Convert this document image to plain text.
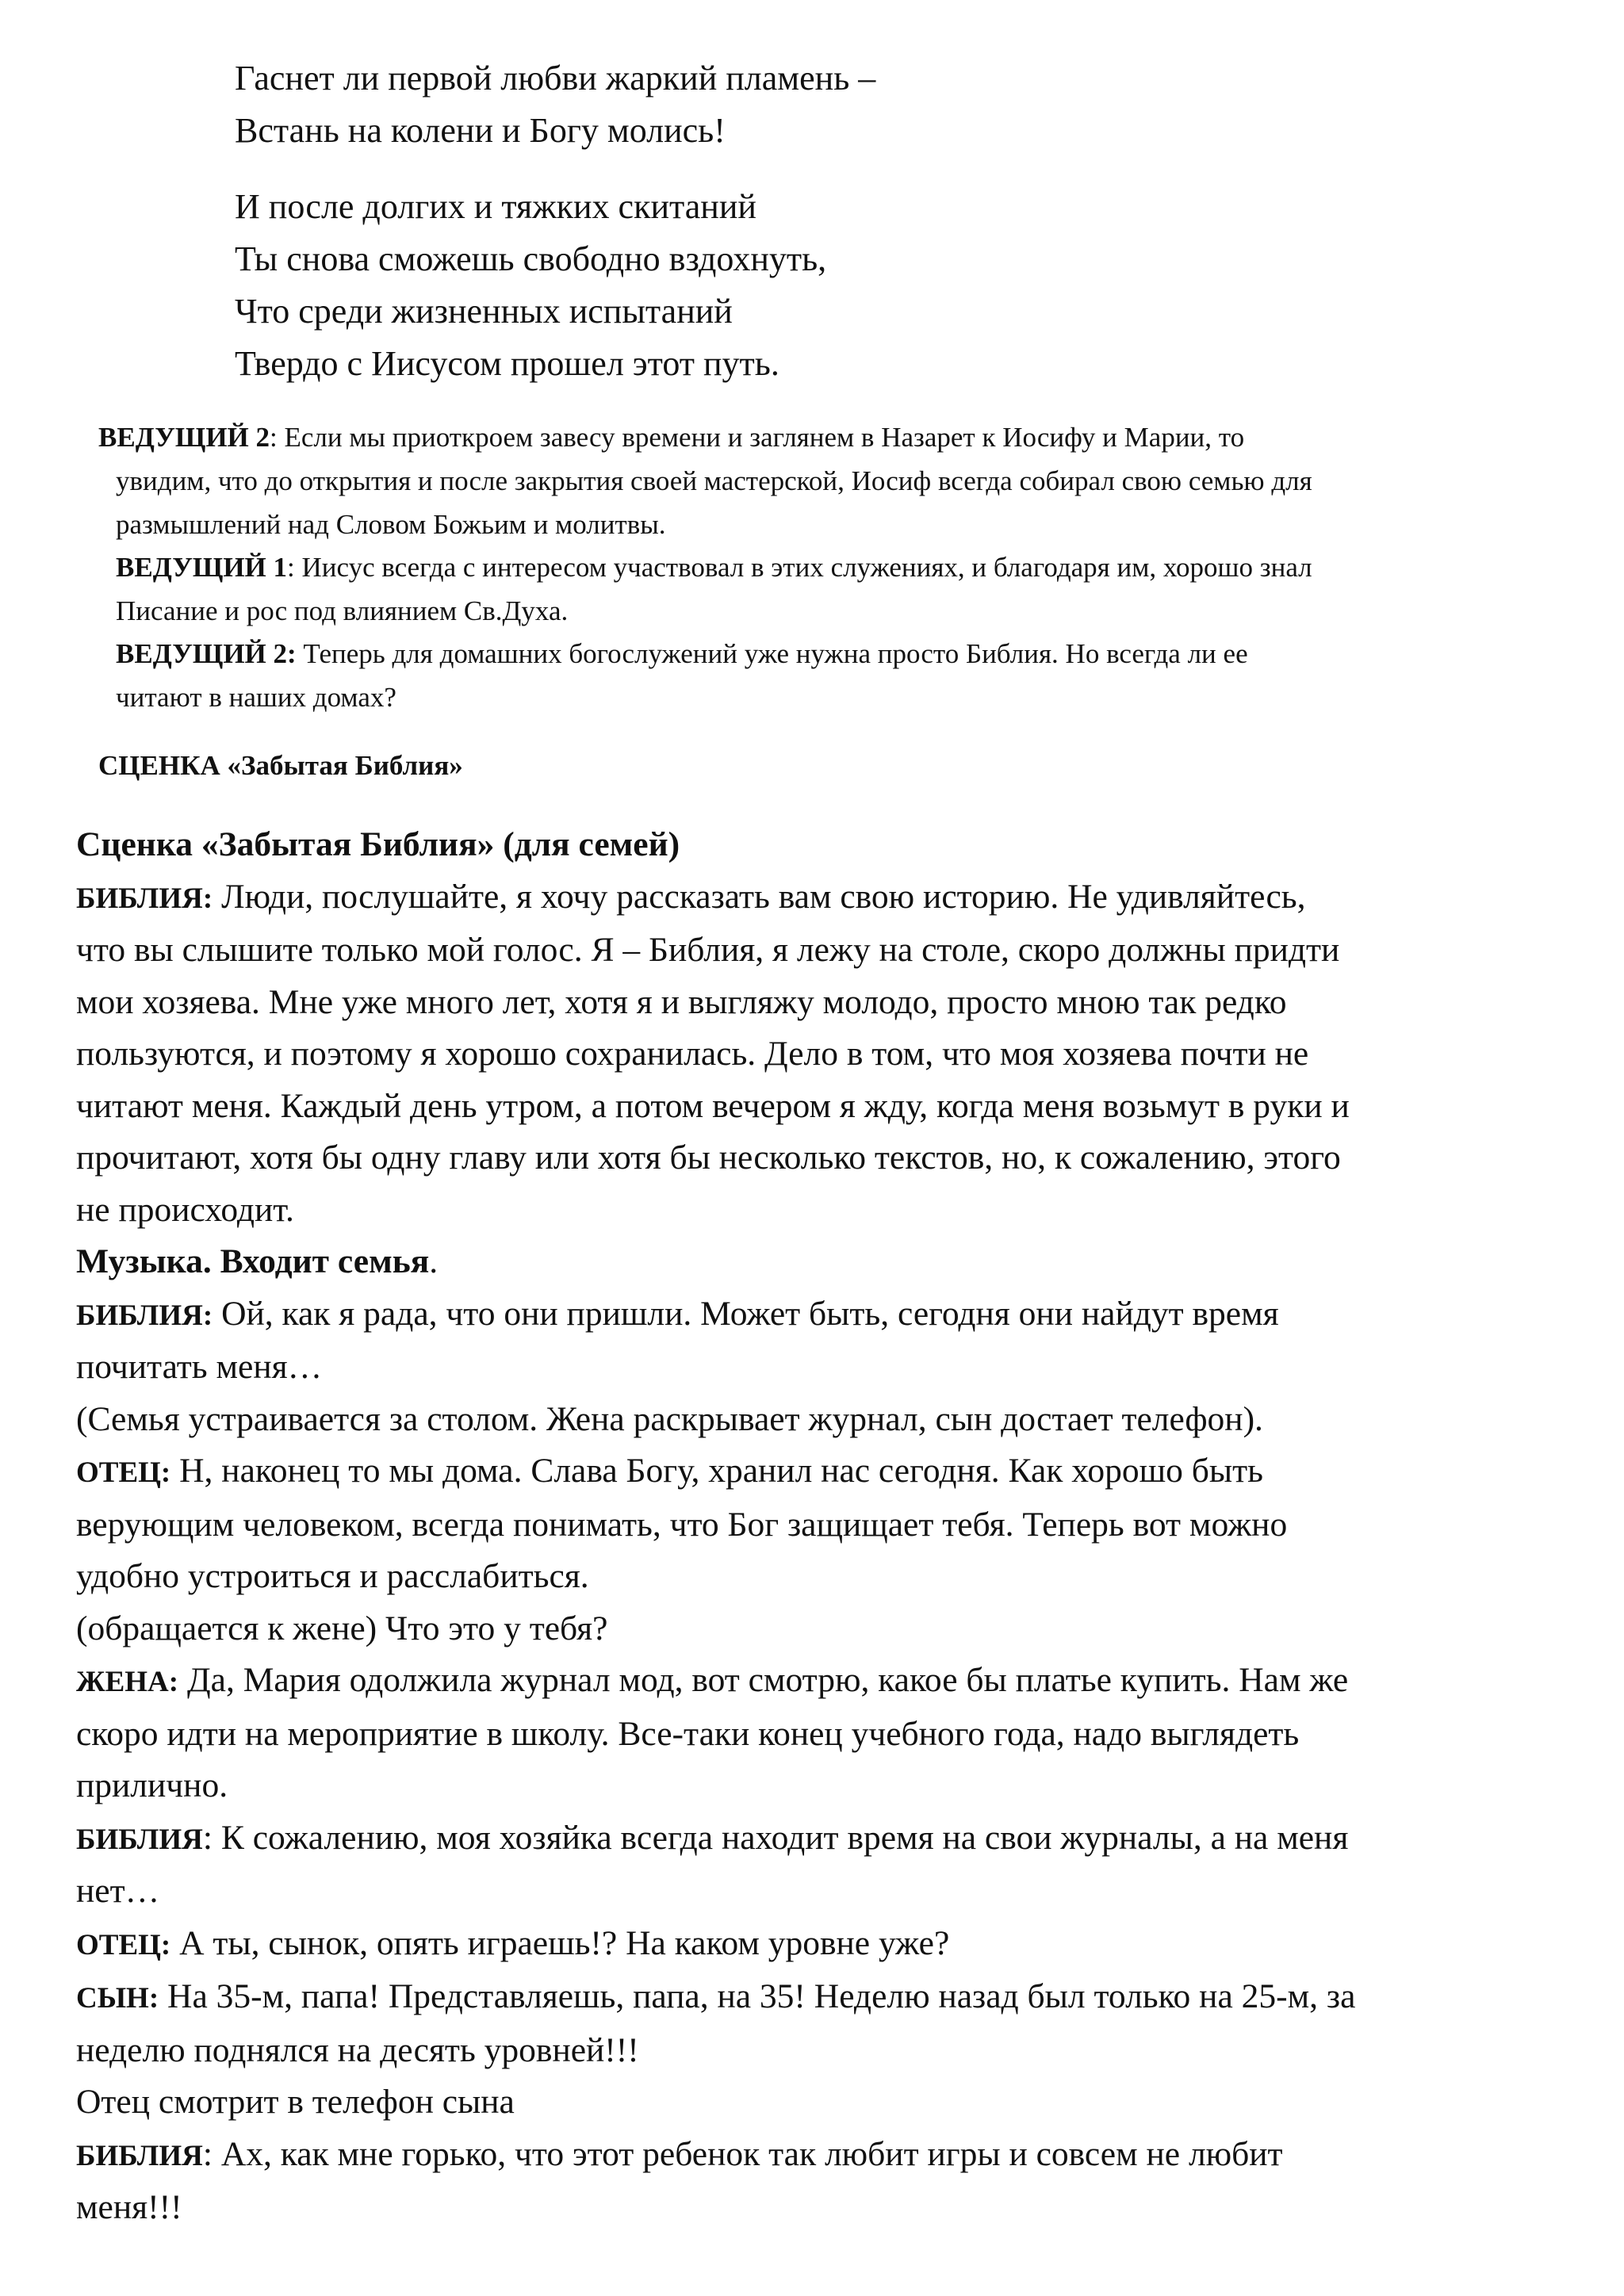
Гаснет ли первой любви жаркий пламень –
Встань на колени и Богу молись!
И после долгих и тяжких скитаний
Ты снова сможешь свободно вздохнуть,
Что среди жизненных испытаний
Твердо с Иисусом прошел этот путь.
ВЕДУЩИЙ 2: Если мы приоткроем завесу времени и заглянем в Назарет к Иосифу и Марии, то
увидим, что до открытия и после закрытия своей мастерской, Иосиф всегда собирал свою семью для
размышлений над Словом Божьим и молитвы.
ВЕДУЩИЙ 1: Иисус всегда с интересом участвовал в этих служениях, и благодаря им, хорошо знал
Писание и рос под влиянием Св.Духа.
ВЕДУЩИЙ 2: Теперь для домашних богослужений уже нужна просто Библия. Но всегда ли ее
читают в наших домах?
СЦЕНКА «Забытая Библия»
Сценка «Забытая Библия» (для семей)
БИБЛИЯ: Люди, послушайте, я хочу рассказать вам свою историю. Не удивляйтесь,
что вы слышите только мой голос. Я – Библия, я лежу на столе, скоро должны придти
мои хозяева. Мне уже много лет, хотя я и выгляжу молодо, просто мною так редко
пользуются, и поэтому я хорошо сохранилась. Дело в том, что моя хозяева почти не
читают меня. Каждый день утром, а потом вечером я жду, когда меня возьмут в руки и
прочитают, хотя бы одну главу или хотя бы несколько текстов, но, к сожалению, этого
не происходит.
Музыка. Входит семья.
БИБЛИЯ: Ой, как я рада, что они пришли. Может быть, сегодня они найдут время
почитать меня…
(Семья устраивается за столом. Жена раскрывает журнал, сын достает телефон).
ОТЕЦ: Н, наконец то мы дома. Слава Богу, хранил нас сегодня. Как хорошо быть
верующим человеком, всегда понимать, что Бог защищает тебя. Теперь вот можно
удобно устроиться и расслабиться.
(обращается к жене) Что это у тебя?
ЖЕНА: Да, Мария одолжила журнал мод, вот смотрю, какое бы платье купить. Нам же
скоро идти на мероприятие в школу. Все-таки конец учебного года, надо выглядеть
прилично.
БИБЛИЯ: К сожалению, моя хозяйка всегда находит время на свои журналы, а на меня
нет…
ОТЕЦ: А ты, сынок, опять играешь!? На каком уровне уже?
СЫН: На 35-м, папа! Представляешь, папа, на 35! Неделю назад был только на 25-м, за
неделю поднялся на десять уровней!!!
Отец смотрит в телефон сына
БИБЛИЯ: Ах, как мне горько, что этот ребенок так любит игры и совсем не любит
меня!!!
